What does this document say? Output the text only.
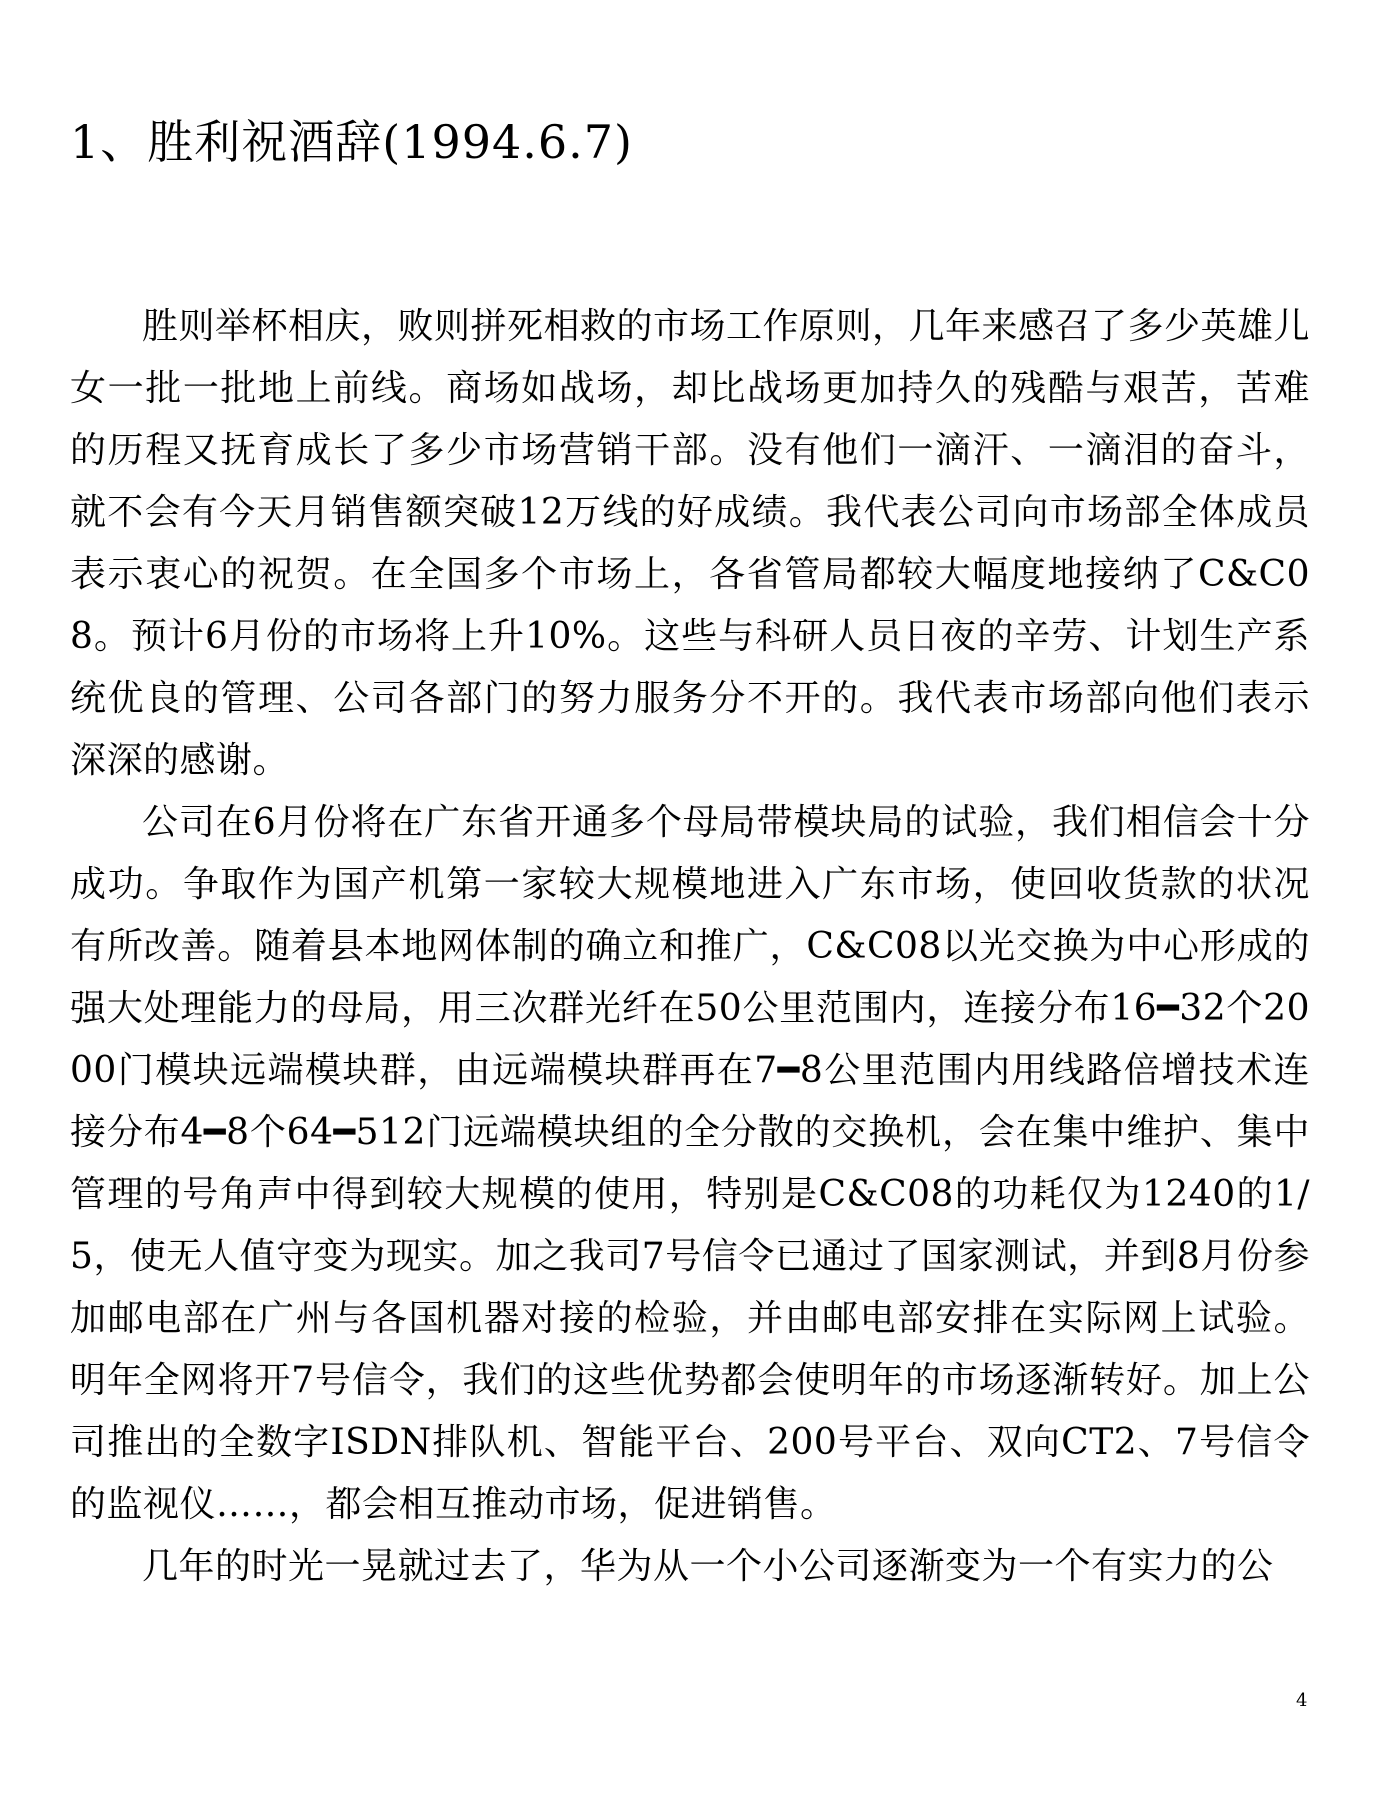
1、胜利祝酒辞(1994.6.7)

胜则举杯相庆，败则拼死相救的市场工作原则，几年来感召了多少英雄儿女一批一批地上前线。商场如战场，却比战场更加持久的残酷与艰苦，苦难的历程又抚育成长了多少市场营销干部。没有他们一滴汗、一滴泪的奋斗，就不会有今天月销售额突破12万线的好成绩。我代表公司向市场部全体成员表示衷心的祝贺。在全国多个市场上，各省管局都较大幅度地接纳了C&C08。预计6月份的市场将上升10%。这些与科研人员日夜的辛劳、计划生产系统优良的管理、公司各部门的努力服务分不开的。我代表市场部向他们表示深深的感谢。

公司在6月份将在广东省开通多个母局带模块局的试验，我们相信会十分成功。争取作为国产机第一家较大规模地进入广东市场，使回收货款的状况有所改善。随着县本地网体制的确立和推广，C&C08以光交换为中心形成的强大处理能力的母局，用三次群光纤在50公里范围内，连接分布16━32个2000门模块远端模块群，由远端模块群再在7━8公里范围内用线路倍增技术连接分布4━8个64━512门远端模块组的全分散的交换机，会在集中维护、集中管理的号角声中得到较大规模的使用，特别是C&C08的功耗仅为1240的1/5，使无人值守变为现实。加之我司7号信令已通过了国家测试，并到8月份参加邮电部在广州与各国机器对接的检验，并由邮电部安排在实际网上试验。明年全网将开7号信令，我们的这些优势都会使明年的市场逐渐转好。加上公司推出的全数字ISDN排队机、智能平台、200号平台、双向CT2、7号信令的监视仪……，都会相互推动市场，促进销售。

几年的时光一晃就过去了，华为从一个小公司逐渐变为一个有实力的公

4
